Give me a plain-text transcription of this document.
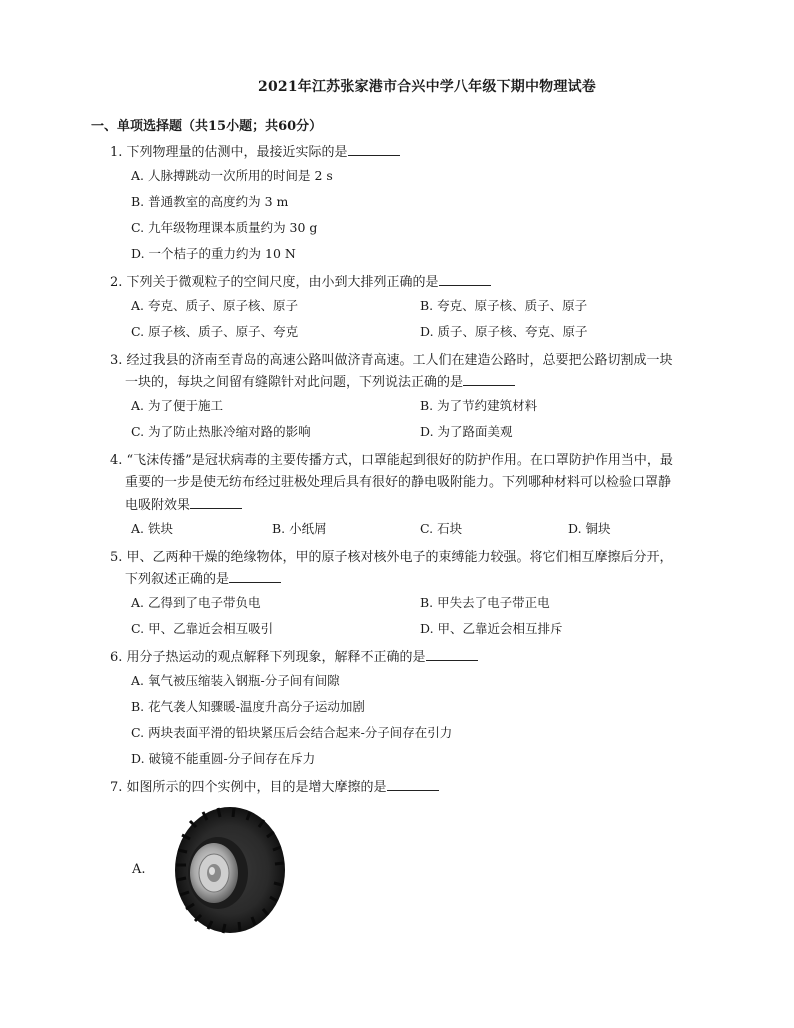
2021年江苏张家港市合兴中学八年级下期中物理试卷
一、单项选择题（共15小题；共60分）
1. 下列物理量的估测中，最接近实际的是
A. 人脉搏跳动一次所用的时间是 2 s
B. 普通教室的高度约为 3 m
C. 九年级物理课本质量约为 30 g
D. 一个桔子的重力约为 10 N
2. 下列关于微观粒子的空间尺度，由小到大排列正确的是
A. 夸克、质子、原子核、原子	B. 夸克、原子核、质子、原子
C. 原子核、质子、原子、夸克	D. 质子、原子核、夸克、原子
3. 经过我县的济南至青岛的高速公路叫做济青高速。工人们在建造公路时，总要把公路切割成一块
一块的，每块之间留有缝隙针对此问题，下列说法正确的是
A. 为了便于施工	B. 为了节约建筑材料
C. 为了防止热胀冷缩对路的影响	D. 为了路面美观
4. “飞沫传播”是冠状病毒的主要传播方式，口罩能起到很好的防护作用。在口罩防护作用当中，最
重要的一步是使无纺布经过驻极处理后具有很好的静电吸附能力。下列哪种材料可以检验口罩静
电吸附效果
A. 铁块	B. 小纸屑	C. 石块	D. 铜块
5. 甲、乙两种干燥的绝缘物体，甲的原子核对核外电子的束缚能力较强。将它们相互摩擦后分开，
下列叙述正确的是
A. 乙得到了电子带负电	B. 甲失去了电子带正电
C. 甲、乙靠近会相互吸引	D. 甲、乙靠近会相互排斥
6. 用分子热运动的观点解释下列现象，解释不正确的是
A. 氧气被压缩装入钢瓶-分子间有间隙
B. 花气袭人知骤暖-温度升高分子运动加剧
C. 两块表面平滑的铅块紧压后会结合起来-分子间存在引力
D. 破镜不能重圆-分子间存在斥力
7. 如图所示的四个实例中，目的是增大摩擦的是
A.
